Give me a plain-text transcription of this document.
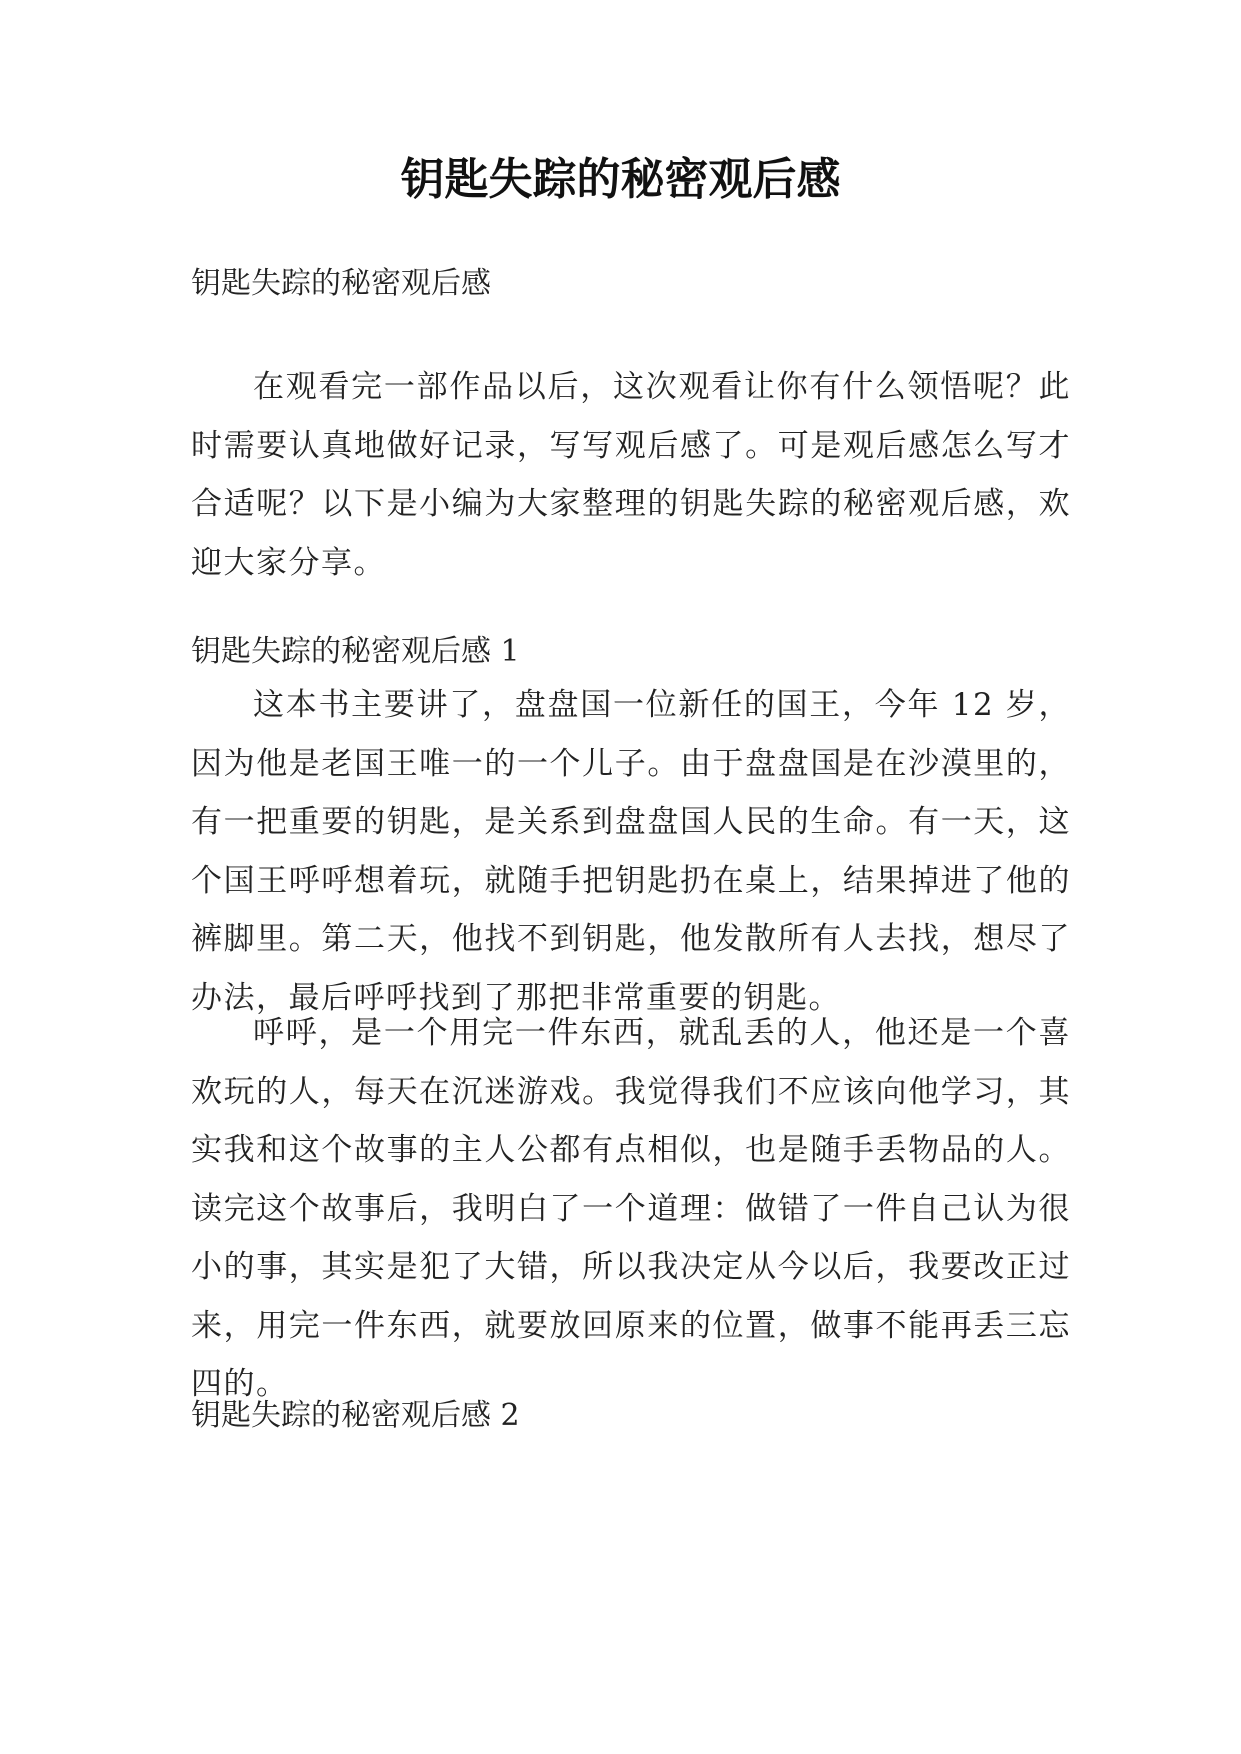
钥匙失踪的秘密观后感

钥匙失踪的秘密观后感

在观看完一部作品以后，这次观看让你有什么领悟呢？此时需要认真地做好记录，写写观后感了。可是观后感怎么写才合适呢？以下是小编为大家整理的钥匙失踪的秘密观后感，欢迎大家分享。

钥匙失踪的秘密观后感 1

这本书主要讲了，盘盘国一位新任的国王，今年 12 岁，因为他是老国王唯一的一个儿子。由于盘盘国是在沙漠里的，有一把重要的钥匙，是关系到盘盘国人民的生命。有一天，这个国王呼呼想着玩，就随手把钥匙扔在桌上，结果掉进了他的裤脚里。第二天，他找不到钥匙，他发散所有人去找，想尽了办法，最后呼呼找到了那把非常重要的钥匙。

呼呼，是一个用完一件东西，就乱丢的人，他还是一个喜欢玩的人，每天在沉迷游戏。我觉得我们不应该向他学习，其实我和这个故事的主人公都有点相似，也是随手丢物品的人。读完这个故事后，我明白了一个道理：做错了一件自己认为很小的事，其实是犯了大错，所以我决定从今以后，我要改正过来，用完一件东西，就要放回原来的位置，做事不能再丢三忘四的。

钥匙失踪的秘密观后感 2
